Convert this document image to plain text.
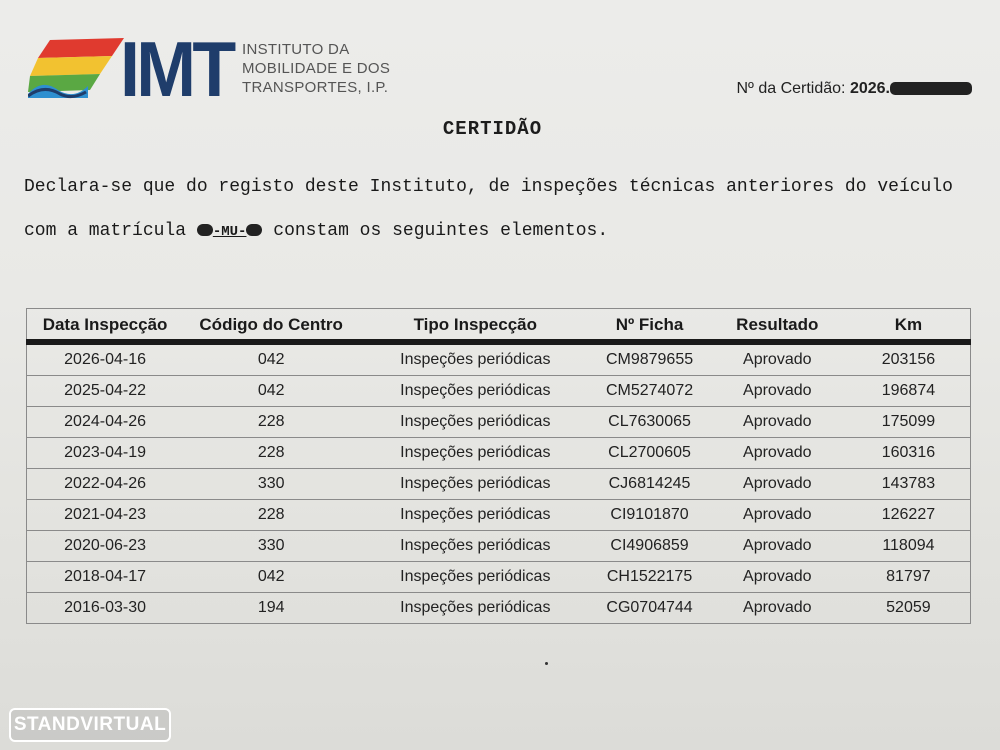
IMT INSTITUTO DA
MOBILIDADE E DOS
TRANSPORTES, I.P.	Nº da Certidão: 2026.
CERTIDÃO
Declara-se que do registo deste Instituto, de inspeções técnicas anteriores do veículo com a matrícula -MU- constam os seguintes elementos.
Data Inspecção	Código do Centro	Tipo Inspecção	Nº Ficha	Resultado	Km
2026-04-16	042	Inspeções periódicas	CM9879655	Aprovado	203156
2025-04-22	042	Inspeções periódicas	CM5274072	Aprovado	196874
2024-04-26	228	Inspeções periódicas	CL7630065	Aprovado	175099
2023-04-19	228	Inspeções periódicas	CL2700605	Aprovado	160316
2022-04-26	330	Inspeções periódicas	CJ6814245	Aprovado	143783
2021-04-23	228	Inspeções periódicas	CI9101870	Aprovado	126227
2020-06-23	330	Inspeções periódicas	CI4906859	Aprovado	118094
2018-04-17	042	Inspeções periódicas	CH1522175	Aprovado	81797
2016-03-30	194	Inspeções periódicas	CG0704744	Aprovado	52059
STANDVIRTUAL
